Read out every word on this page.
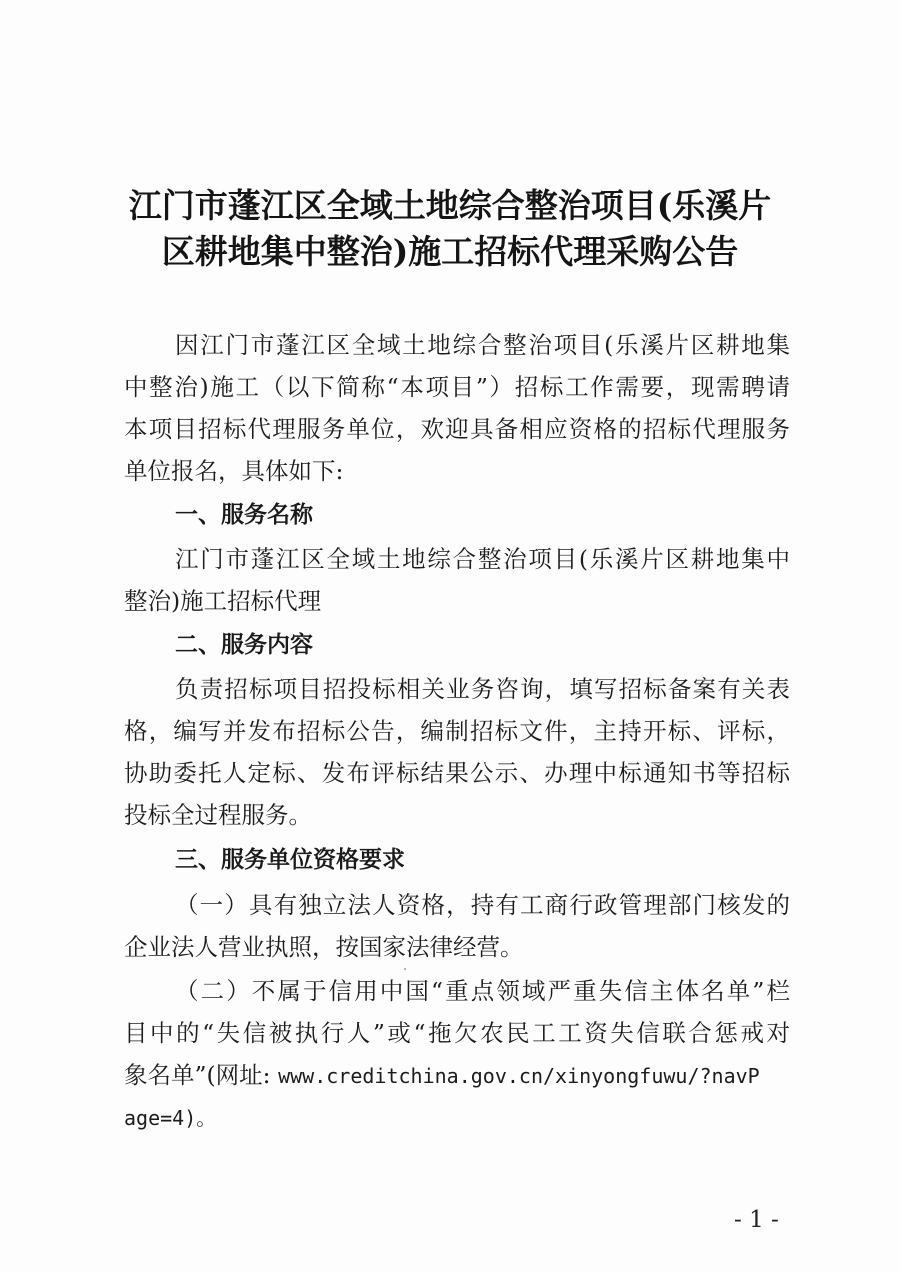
江门市蓬江区全域土地综合整治项目(乐溪片
区耕地集中整治)施工招标代理采购公告
因江门市蓬江区全域土地综合整治项目(乐溪片区耕地集
中整治)施工（以下简称“本项目”）招标工作需要，现需聘请
本项目招标代理服务单位，欢迎具备相应资格的招标代理服务
单位报名，具体如下:
一、服务名称
江门市蓬江区全域土地综合整治项目(乐溪片区耕地集中
整治)施工招标代理
二、服务内容
负责招标项目招投标相关业务咨询，填写招标备案有关表
格，编写并发布招标公告，编制招标文件，主持开标、评标，
协助委托人定标、发布评标结果公示、办理中标通知书等招标
投标全过程服务。
三、服务单位资格要求
（一）具有独立法人资格，持有工商行政管理部门核发的
企业法人营业执照，按国家法律经营。
（二）不属于信用中国“重点领域严重失信主体名单”栏
目中的“失信被执行人”或“拖欠农民工工资失信联合惩戒对
象名单”(网址: www.creditchina.gov.cn/xinyongfuwu/?navP
age=4)。
- 1 -
